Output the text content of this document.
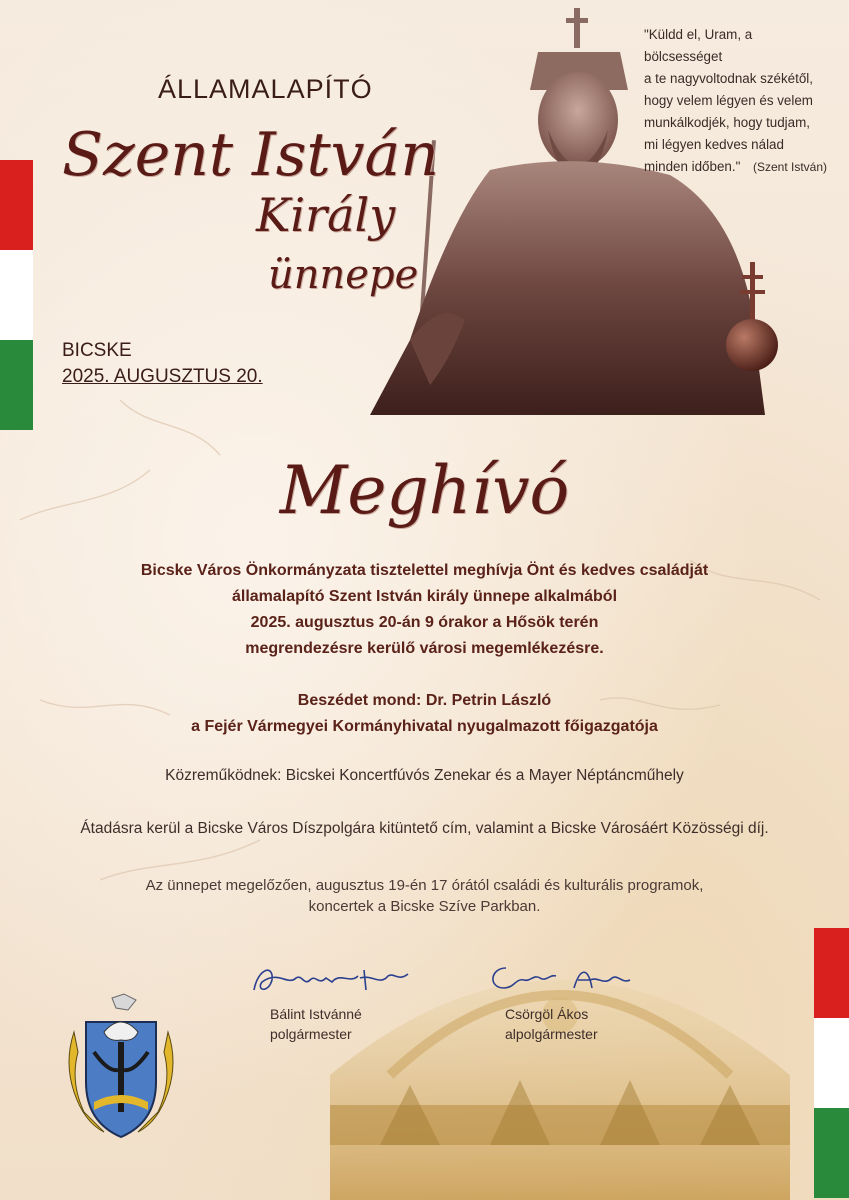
ÁLLAMALAPÍTÓ
Szent István
Király
ünnepe
BICSKE
2025. AUGUSZTUS 20.
"Küldd el, Uram, a bölcsességet
a te nagyvoltodnak székétől,
hogy velem légyen és velem
munkálkodjék, hogy tudjam,
mi légyen kedves nálad
minden időben."	(Szent István)
Meghívó
Bicske Város Önkormányzata tisztelettel meghívja Önt és kedves családját
államalapító Szent István király ünnepe alkalmából
2025. augusztus 20-án 9 órakor a Hősök terén
megrendezésre kerülő városi megemlékezésre.
Beszédet mond: Dr. Petrin László
a Fejér Vármegyei Kormányhivatal nyugalmazott főigazgatója
Közreműködnek: Bicskei Koncertfúvós Zenekar és a Mayer Néptáncműhely
Átadásra kerül a Bicske Város Díszpolgára kitüntető cím, valamint a Bicske Városáért Közösségi díj.
Az ünnepet megelőzően, augusztus 19-én 17 órától családi és kulturális programok,
koncertek a Bicske Szíve Parkban.
Bálint Istvánné
polgármester
Csörgöl Ákos
alpolgármester
